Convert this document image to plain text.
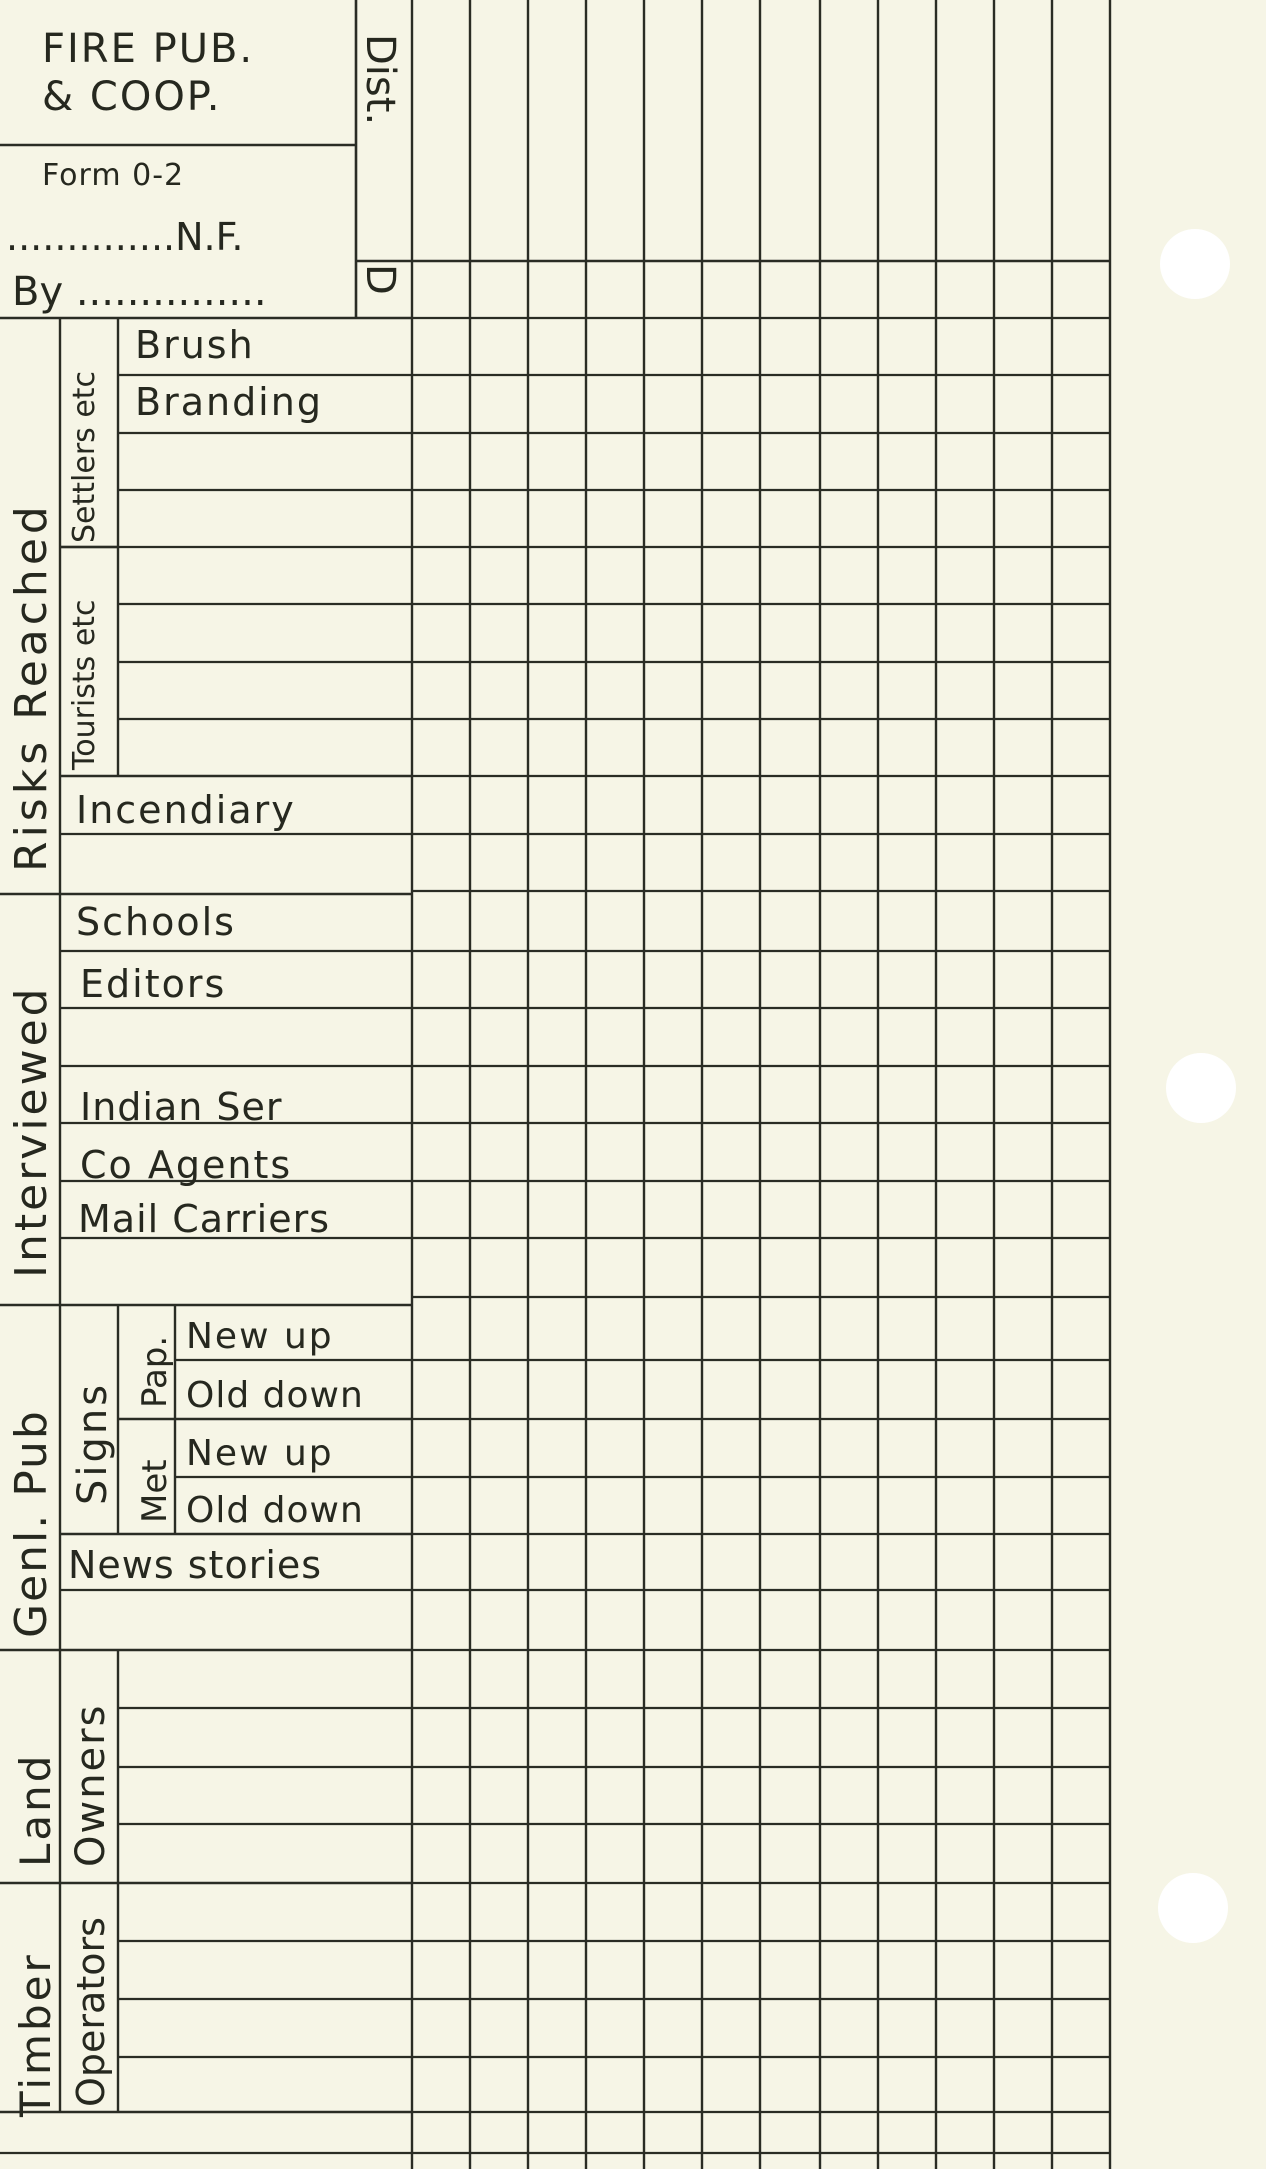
FIRE PUB.
& COOP.
Form 0-2
..............N.F.
By ...............
Dist.
D
Risks Reached
Settlers etc
Tourists etc
Interviewed
Genl. Pub Signs
Pap.
Met
Land Owners
Timber Operators
Brush
Branding
Incendiary
Schools
Editors
Indian Ser
Co Agents
Mail Carriers
New up
Old down
New up
Old down
News stories
